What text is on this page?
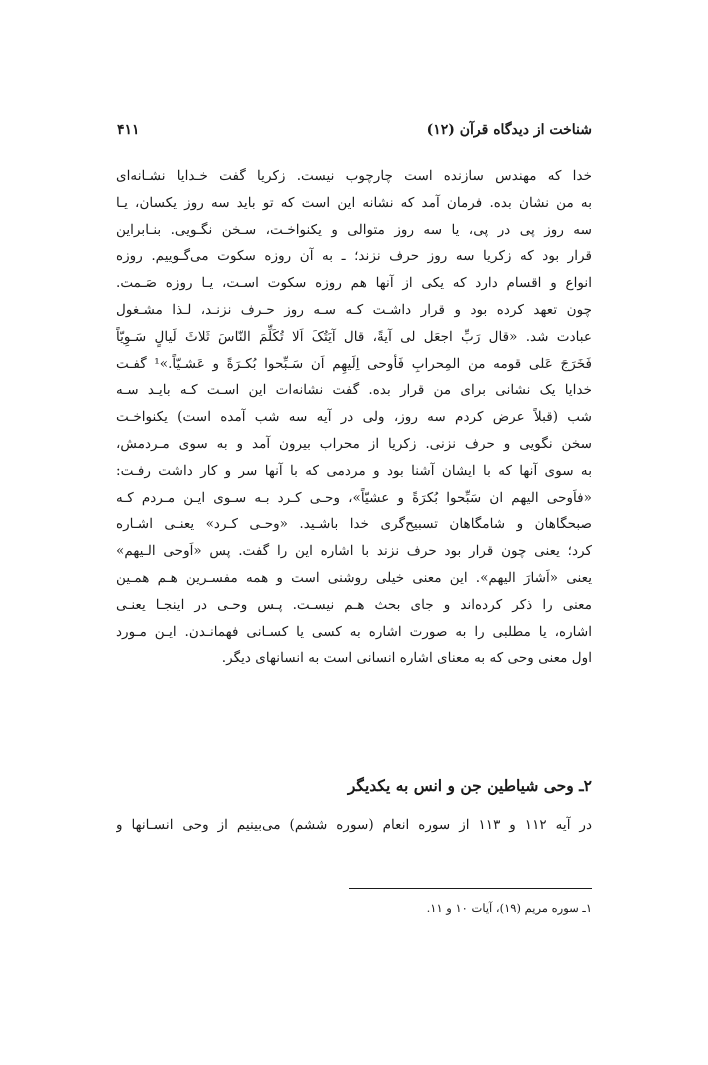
شناخت از دیدگاه قرآن (۱۲)
۴۱۱
خدا که مهندس سازنده است چارچوب نیست. زکریا گفت خـدایا نشـانه‌ای
به من نشان بده. فرمان آمد که نشانه این است که تو باید سه روز یکسان، یـا
سه روز پی در پی، یا سه روز متوالی و یکنواخـت، سـخن نگـویی. بنـابراین
قرار بود که زکریا سه روز حرف نزند؛ ـ به آن روزه سکوت می‌گـوییم. روزه
انواع و اقسام دارد که یکی از آنها هم روزه سکوت اسـت، یـا روزه صَـمت.
چون تعهد کرده بود و قرار داشـت کـه سـه روز حـرف نزنـد، لـذا مشـغول
عبادت شد. «قال رَبِّ اجعَل لی آیةً، قال آیَتُکَ اَلا تُکَلِّمَ النّاسَ ثَلاثَ لَیالٍ سَـوِیّاً
فَخَرَجَ عَلی قومه من المِحرابِ فَأوحی اِلَیهِم اَن سَـبِّحوا بُکـرَةً و عَشـیّاً.»¹ گفـت
خدایا یک نشانی برای من قرار بده. گفت نشانه‌ات این اسـت کـه بایـد سـه
شب (قبلاً عرض کردم سه روز، ولی در آیه سه شب آمده است) یکنواخـت
سخن نگویی و حرف نزنی. زکریا از محراب بیرون آمد و به سوی مـردمش،
به سوی آنها که با ایشان آشنا بود و مردمی که با آنها سر و کار داشت رفـت:
«فاَوحی الیهم ان سَبِّحوا بُکرَةً و عشیّاً»، وحـی کـرد بـه سـوی ایـن مـردم کـه
صبحگاهان و شامگاهان تسبیح‌گری خدا باشـید. «وحـی کـرد» یعنـی اشـاره
کرد؛ یعنی چون قرار بود حرف نزند با اشاره این را گفت. پس «اَوحی الـیهم»
یعنی «اَشارَ الیهم». این معنی خیلی روشنی است و همه مفسـرین هـم همـین
معنی را ذکر کرده‌اند و جای بحث هـم نیسـت. پـس وحـی در اینجـا یعنـی
اشاره، یا مطلبی را به صورت اشاره به کسی یا کسـانی فهمانـدن. ایـن مـورد
اول معنی وحی که به معنای اشاره انسانی است به انسانهای دیگر.
۲ـ وحی شیاطین جن و انس به یکدیگر
در آیه ۱۱۲ و ۱۱۳ از سوره انعام (سوره ششم) می‌بینیم از وحی انسـانها و
۱ـ سوره مریم (۱۹)، آیات ۱۰ و ۱۱.
